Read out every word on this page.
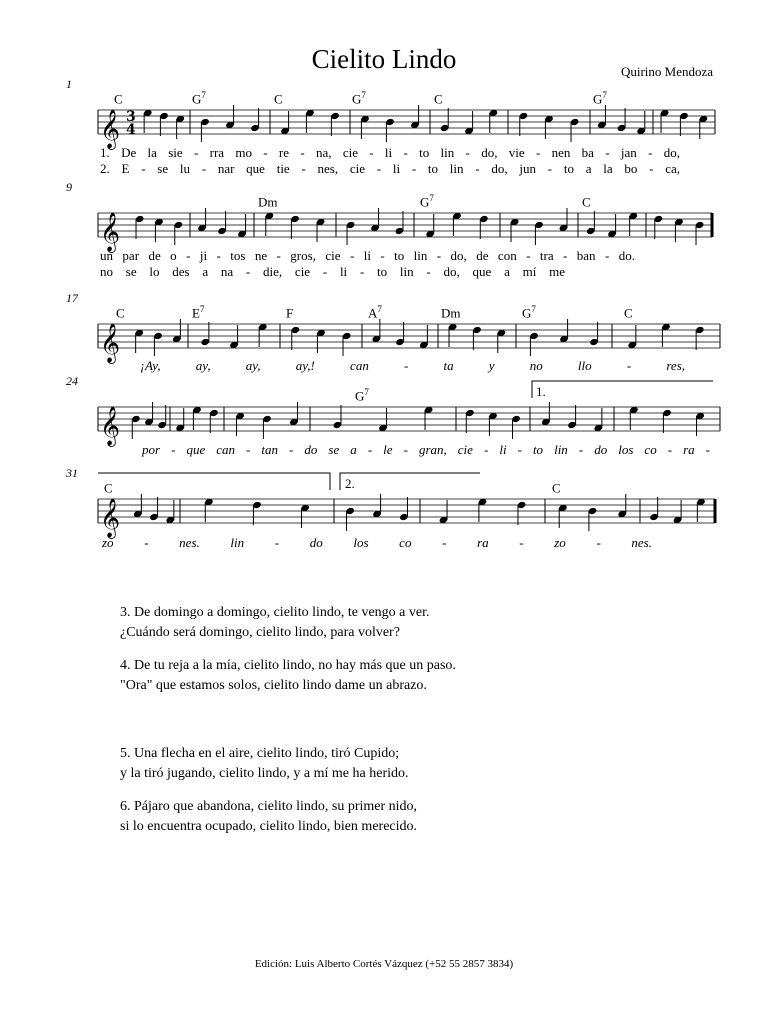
Cielito Lindo	Quirino Mendoza
𝄞 3
4
𝄞
𝄞
𝄞
𝄞
1
C	$G^7$	C	$G^7$	C	$G^7$
1. De la sie - rra mo - re - na, cie - li - to lin - do, vie - nen ba - jan - do,
2. E - se lu - nar que tie - nes, cie - li - to lin - do, jun - to a la bo - ca,
9
Dm	$G^7$	C
un par de o - ji - tos ne - gros, cie - li - to lin - do, de con - tra - ban - do.
no se lo des a na - die, cie - li - to lin - do, que a mí me
17
C	$E^7$	F	$A^7$	Dm	$G^7$	C
¡Ay, ay, ay, ay,! can - ta y no llo - res,
24
$G^7$	1.
por - que can - tan - do se a - le - gran, cie - li - to lin - do los co - ra -
31
C	2.	C
zo - nes. lin - do los co - ra - zo - nes.

3. De domingo a domingo, cielito lindo, te vengo a ver.

¿Cuándo será domingo, cielito lindo, para volver?

4. De tu reja a la mía, cielito lindo, no hay más que un paso.

"Ora" que estamos solos, cielito lindo dame un abrazo.

5. Una flecha en el aire, cielito lindo, tiró Cupido;

y la tiró jugando, cielito lindo, y a mí me ha herido.

6. Pájaro que abandona, cielito lindo, su primer nido,

si lo encuentra ocupado, cielito lindo, bien merecido.

Edición: Luis Alberto Cortés Vázquez (+52 55 2857 3834)
